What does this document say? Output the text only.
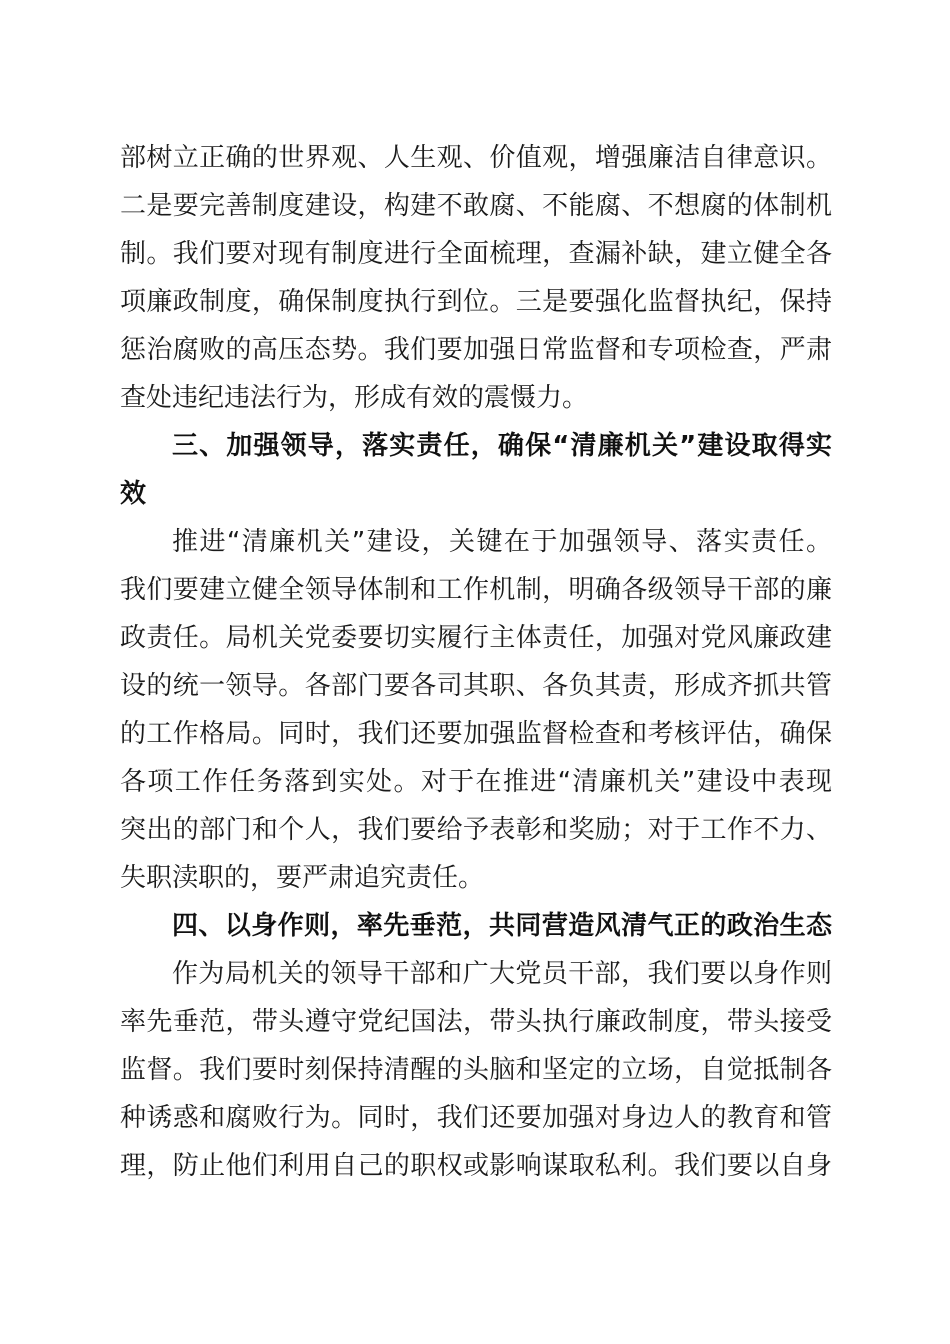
部树立正确的世界观、人生观、价值观，增强廉洁自律意识。
二是要完善制度建设，构建不敢腐、不能腐、不想腐的体制机
制。我们要对现有制度进行全面梳理，查漏补缺，建立健全各
项廉政制度，确保制度执行到位。三是要强化监督执纪，保持
惩治腐败的高压态势。我们要加强日常监督和专项检查，严肃
查处违纪违法行为，形成有效的震慑力。
三、加强领导，落实责任，确保“清廉机关”建设取得实
效
推进“清廉机关”建设，关键在于加强领导、落实责任。
我们要建立健全领导体制和工作机制，明确各级领导干部的廉
政责任。局机关党委要切实履行主体责任，加强对党风廉政建
设的统一领导。各部门要各司其职、各负其责，形成齐抓共管
的工作格局。同时，我们还要加强监督检查和考核评估，确保
各项工作任务落到实处。对于在推进“清廉机关”建设中表现
突出的部门和个人，我们要给予表彰和奖励；对于工作不力、
失职渎职的，要严肃追究责任。
四、以身作则，率先垂范，共同营造风清气正的政治生态
作为局机关的领导干部和广大党员干部，我们要以身作则
率先垂范，带头遵守党纪国法，带头执行廉政制度，带头接受
监督。我们要时刻保持清醒的头脑和坚定的立场，自觉抵制各
种诱惑和腐败行为。同时，我们还要加强对身边人的教育和管
理，防止他们利用自己的职权或影响谋取私利。我们要以自身
